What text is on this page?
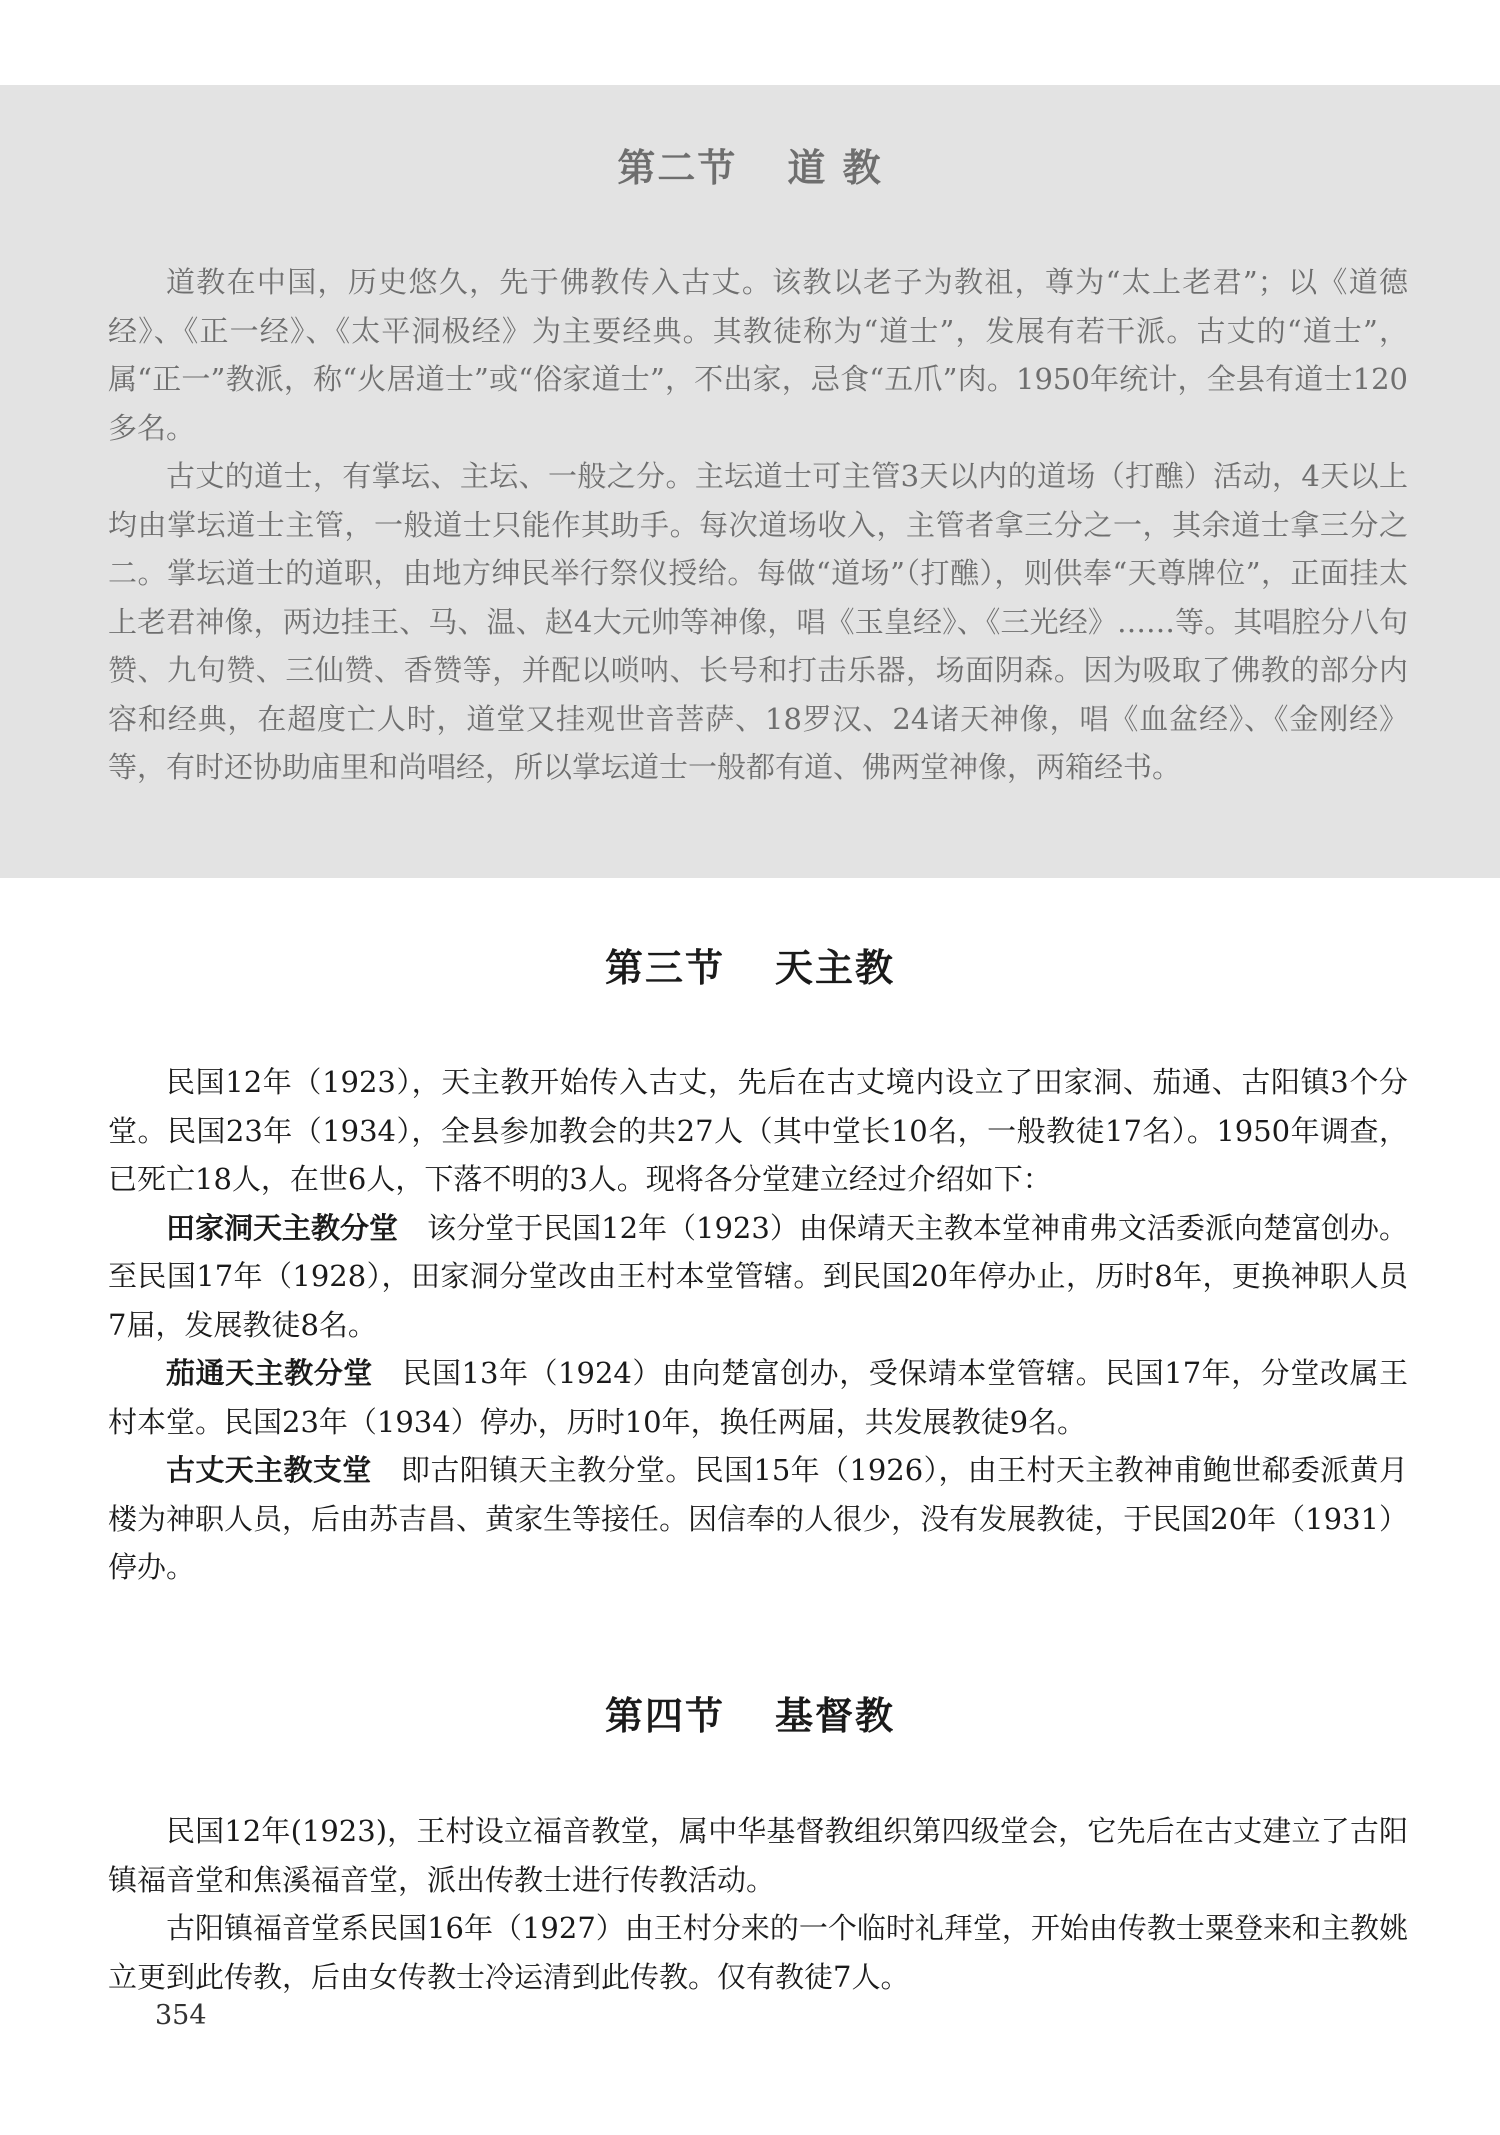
第二节 道 教

道教在中国，历史悠久，先于佛教传入古丈。该教以老子为教祖，尊为“太上老君”；以《道德经》、《正一经》、《太平洞极经》为主要经典。其教徒称为“道士”，发展有若干派。古丈的“道士”，属“正一”教派，称“火居道士”或“俗家道士”，不出家，忌食“五爪”肉。1950年统计，全县有道士120多名。

古丈的道士，有掌坛、主坛、一般之分。主坛道士可主管3天以内的道场（打醮）活动，4天以上均由掌坛道士主管，一般道士只能作其助手。每次道场收入，主管者拿三分之一，其余道士拿三分之二。掌坛道士的道职，由地方绅民举行祭仪授给。每做“道场”（打醮），则供奉“天尊牌位”，正面挂太上老君神像，两边挂王、马、温、赵4大元帅等神像，唱《玉皇经》、《三光经》……等。其唱腔分八句赞、九句赞、三仙赞、香赞等，并配以唢呐、长号和打击乐器，场面阴森。因为吸取了佛教的部分内容和经典，在超度亡人时，道堂又挂观世音菩萨、18罗汉、24诸天神像，唱《血盆经》、《金刚经》等，有时还协助庙里和尚唱经，所以掌坛道士一般都有道、佛两堂神像，两箱经书。

第三节 天主教

民国12年（1923），天主教开始传入古丈，先后在古丈境内设立了田家洞、茄通、古阳镇3个分堂。民国23年（1934），全县参加教会的共27人（其中堂长10名，一般教徒17名）。1950年调查，已死亡18人，在世6人，下落不明的3人。现将各分堂建立经过介绍如下：

田家洞天主教分堂　 该分堂于民国12年（1923）由保靖天主教本堂神甫弗文活委派向楚富创办。至民国17年（1928），田家洞分堂改由王村本堂管辖。到民国20年停办止，历时8年，更换神职人员7届，发展教徒8名。

茄通天主教分堂　 民国13年（1924）由向楚富创办，受保靖本堂管辖。民国17年，分堂改属王村本堂。民国23年（1934）停办，历时10年，换任两届，共发展教徒9名。

古丈天主教支堂　 即古阳镇天主教分堂。民国15年（1926），由王村天主教神甫鲍世郗委派黄月楼为神职人员，后由苏吉昌、黄家生等接任。因信奉的人很少，没有发展教徒，于民国20年（1931）停办。

第四节 基督教

民国12年(1923)，王村设立福音教堂，属中华基督教组织第四级堂会，它先后在古丈建立了古阳镇福音堂和焦溪福音堂，派出传教士进行传教活动。

古阳镇福音堂系民国16年（1927）由王村分来的一个临时礼拜堂，开始由传教士粟登来和主教姚立更到此传教，后由女传教士冷运清到此传教。仅有教徒7人。

354
